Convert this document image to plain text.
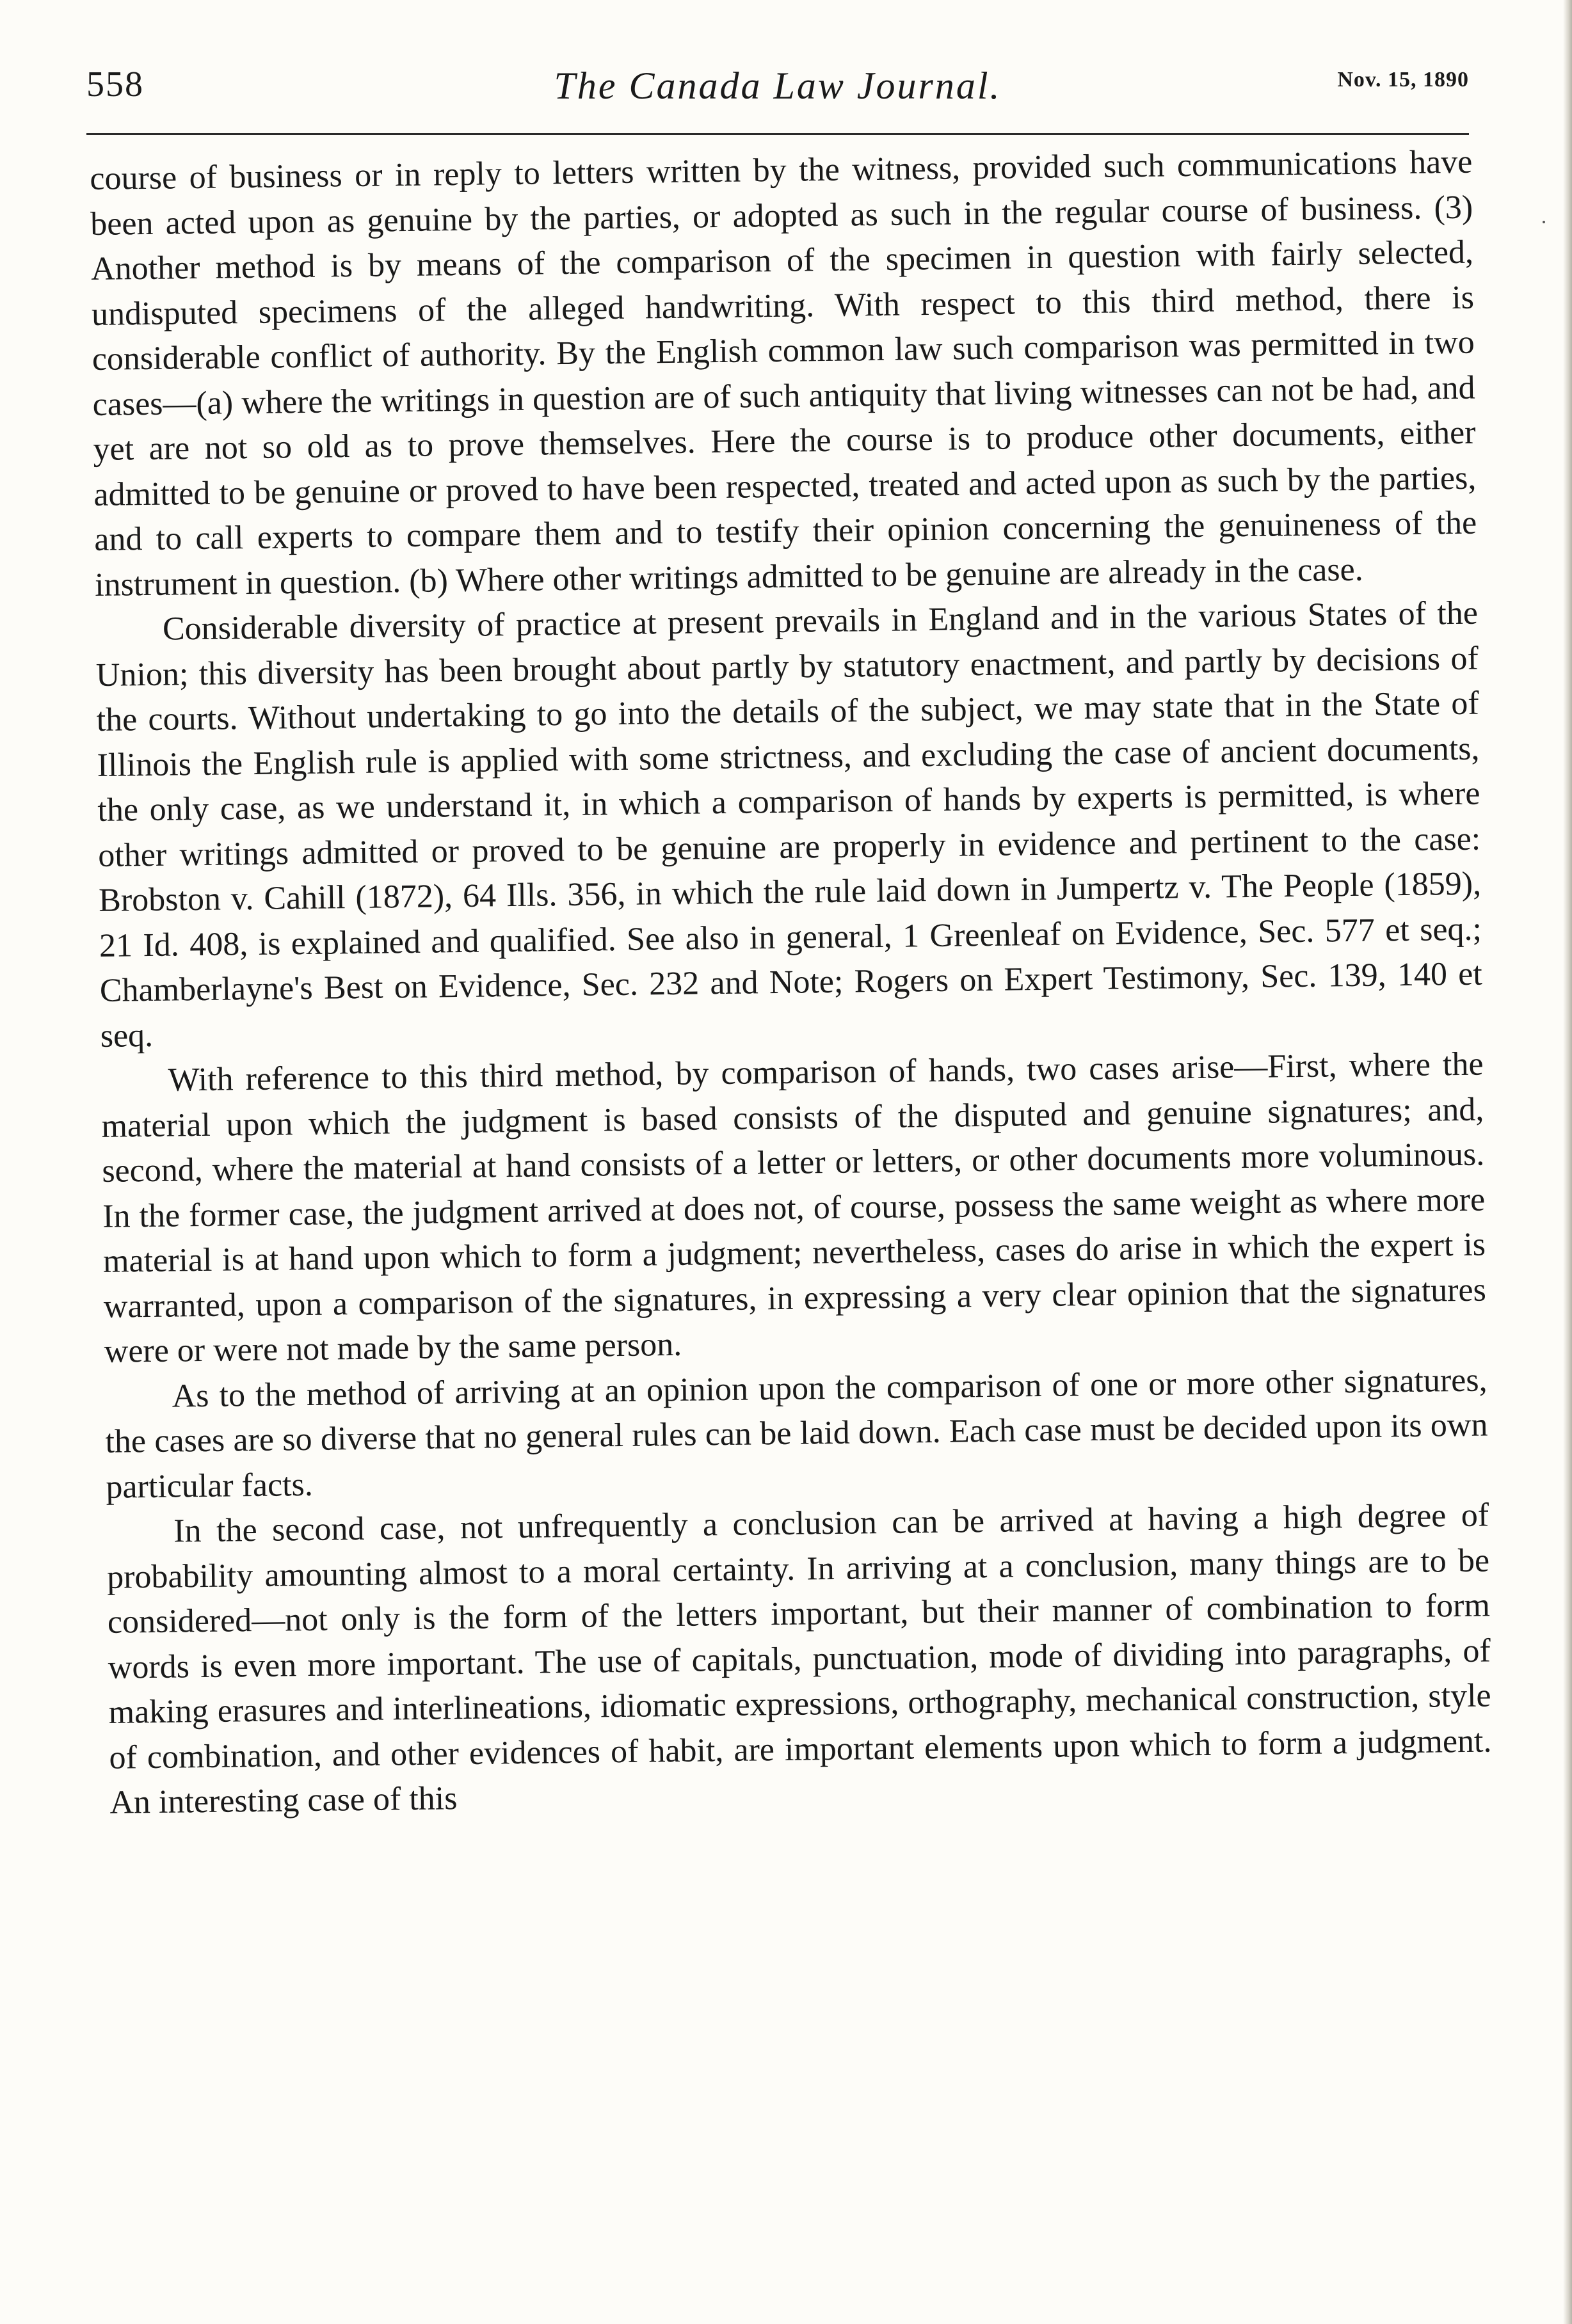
558	The Canada Law Journal.	Nov. 15, 1890

course of business or in reply to letters written by the witness, provided such communications have been acted upon as genuine by the parties, or adopted as such in the regular course of business. (3) Another method is by means of the comparison of the specimen in question with fairly selected, undisputed specimens of the alleged handwriting. With respect to this third method, there is considerable conflict of authority. By the English common law such comparison was permitted in two cases—(a) where the writings in question are of such antiquity that living witnesses can not be had, and yet are not so old as to prove themselves. Here the course is to produce other documents, either admitted to be genuine or proved to have been respected, treated and acted upon as such by the parties, and to call experts to compare them and to testify their opinion concerning the genuineness of the instrument in question. (b) Where other writings admitted to be genuine are already in the case.

Considerable diversity of practice at present prevails in England and in the various States of the Union; this diversity has been brought about partly by statutory enactment, and partly by decisions of the courts. Without undertaking to go into the details of the subject, we may state that in the State of Illinois the English rule is applied with some strictness, and excluding the case of ancient documents, the only case, as we understand it, in which a comparison of hands by experts is permitted, is where other writings admitted or proved to be genuine are properly in evidence and pertinent to the case: Brobston v. Cahill (1872), 64 Ills. 356, in which the rule laid down in Jumpertz v. The People (1859), 21 Id. 408, is explained and qualified. See also in general, 1 Greenleaf on Evidence, Sec. 577 et seq.; Chamberlayne's Best on Evidence, Sec. 232 and Note; Rogers on Expert Testimony, Sec. 139, 140 et seq.

With reference to this third method, by comparison of hands, two cases arise—First, where the material upon which the judgment is based consists of the disputed and genuine signatures; and, second, where the material at hand consists of a letter or letters, or other documents more voluminous. In the former case, the judgment arrived at does not, of course, possess the same weight as where more material is at hand upon which to form a judgment; nevertheless, cases do arise in which the expert is warranted, upon a comparison of the signatures, in expressing a very clear opinion that the signatures were or were not made by the same person.

As to the method of arriving at an opinion upon the comparison of one or more other signatures, the cases are so diverse that no general rules can be laid down. Each case must be decided upon its own particular facts.

In the second case, not unfrequently a conclusion can be arrived at having a high degree of probability amounting almost to a moral certainty. In arriving at a conclusion, many things are to be considered—not only is the form of the letters important, but their manner of combination to form words is even more important. The use of capitals, punctuation, mode of dividing into paragraphs, of making erasures and interlineations, idiomatic expressions, orthography, mechanical construction, style of combination, and other evidences of habit, are important elements upon which to form a judgment. An interesting case of this
